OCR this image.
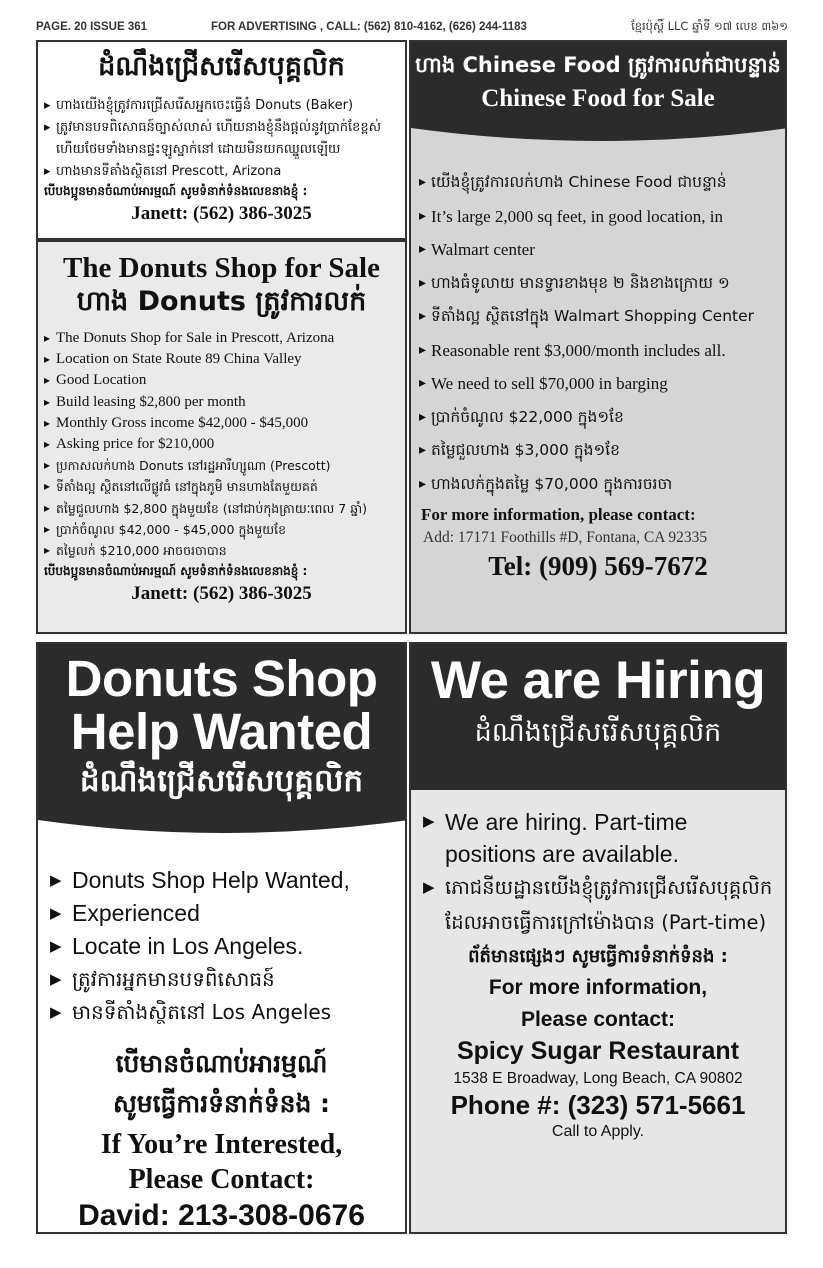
PAGE. 20 ISSUE 361	FOR ADVERTISING , CALL: (562) 810-4162, (626) 244-1183	ខ្មែរប៉ុស្ដិ៍ LLC ឆ្នាំទី ១៧ លេខ ៣៦១
ដំណឹងជ្រើសរើសបុគ្គលិក
▸ ហាងយើងខ្ញុំត្រូវការជ្រើសរើសអ្នកចេះធ្វើនំ Donuts (Baker)
▸ ត្រូវមានបទពិសោធន៍ច្បាស់លាស់ ហើយនាងខ្ញុំនឹងផ្ដល់នូវប្រាក់ខែខ្ពស់ ហើយថែមទាំងមានផ្ទះឡូស្នាក់នៅ ដោយមិនយកឈ្នួលឡើយ
▸ ហាងមានទីតាំងស្ថិតនៅ Prescott, Arizona
បើបងប្អូនមានចំណាប់អារម្មណ៍ សូមទំនាក់ទំនងលេខនាងខ្ញុំ :
Janett: (562) 386-3025
The Donuts Shop for Sale
ហាង Donuts ត្រូវការលក់
▸ The Donuts Shop for Sale in Prescott, Arizona
▸ Location on State Route 89 China Valley
▸ Good Location
▸ Build leasing $2,800 per month
▸ Monthly Gross income $42,000 - $45,000
▸ Asking price for $210,000
▸ ប្រកាសលក់ហាង Donuts នៅរដ្ឋអារីហ្សូណា (Prescott)
▸ ទីតាំងល្អ ស្ថិតនៅលើផ្លូវធំ នៅក្នុងភូមិ មានហាងតែមួយគត់
▸ តម្លៃជួលហាង $2,800 ក្នុងមួយខែ (នៅជាប់កុងត្រាយៈពេល 7 ឆ្នាំ)
▸ ប្រាក់ចំណូល $42,000 - $45,000 ក្នុងមួយខែ
▸ តម្លៃលក់ $210,000 អាចចរចាបាន
បើបងប្អូនមានចំណាប់អារម្មណ៍ សូមទំនាក់ទំនងលេខនាងខ្ញុំ :
Janett: (562) 386-3025
ហាង Chinese Food ត្រូវការលក់ជាបន្ទាន់
Chinese Food for Sale
▸ យើងខ្ញុំត្រូវការលក់ហាង Chinese Food ជាបន្ទាន់
▸ It’s large 2,000 sq feet, in good location, in
▸ Walmart center
▸ ហាងធំទូលាយ មានទ្វារខាងមុខ ២ និងខាងក្រោយ ១
▸ ទីតាំងល្អ ស្ថិតនៅក្នុង Walmart Shopping Center
▸ Reasonable rent $3,000/month includes all.
▸ We need to sell $70,000 in barging
▸ ប្រាក់ចំណូល $22,000 ក្នុង១ខែ
▸ តម្លៃជួលហាង $3,000 ក្នុង១ខែ
▸ ហាងលក់ក្នុងតម្លៃ $70,000 ក្នុងការចរចា
For more information, please contact:
Add: 17171 Foothills #D, Fontana, CA 92335
Tel: (909) 569-7672
Donuts Shop
Help Wanted
ដំណឹងជ្រើសរើសបុគ្គលិក
▶ Donuts Shop Help Wanted,
▶ Experienced
▶ Locate in Los Angeles.
▶ ត្រូវការអ្នកមានបទពិសោធន៍
▶ មានទីតាំងស្ថិតនៅ Los Angeles
បើមានចំណាប់អារម្មណ៍
សូមធ្វើការទំនាក់ទំនង :
If You’re Interested,
Please Contact:
David: 213-308-0676
We are Hiring
ដំណឹងជ្រើសរើសបុគ្គលិក
▶ We are hiring. Part-time positions are available.
▶ ភោជនីយដ្ឋានយើងខ្ញុំត្រូវការជ្រើសរើសបុគ្គលិកដែលអាចធ្វើការក្រៅម៉ោងបាន (Part-time)
ព័ត៌មានផ្សេងៗ សូមធ្វើការទំនាក់ទំនង :
For more information,
Please contact:
Spicy Sugar Restaurant
1538 E Broadway, Long Beach, CA 90802
Phone #: (323) 571-5661
Call to Apply.
